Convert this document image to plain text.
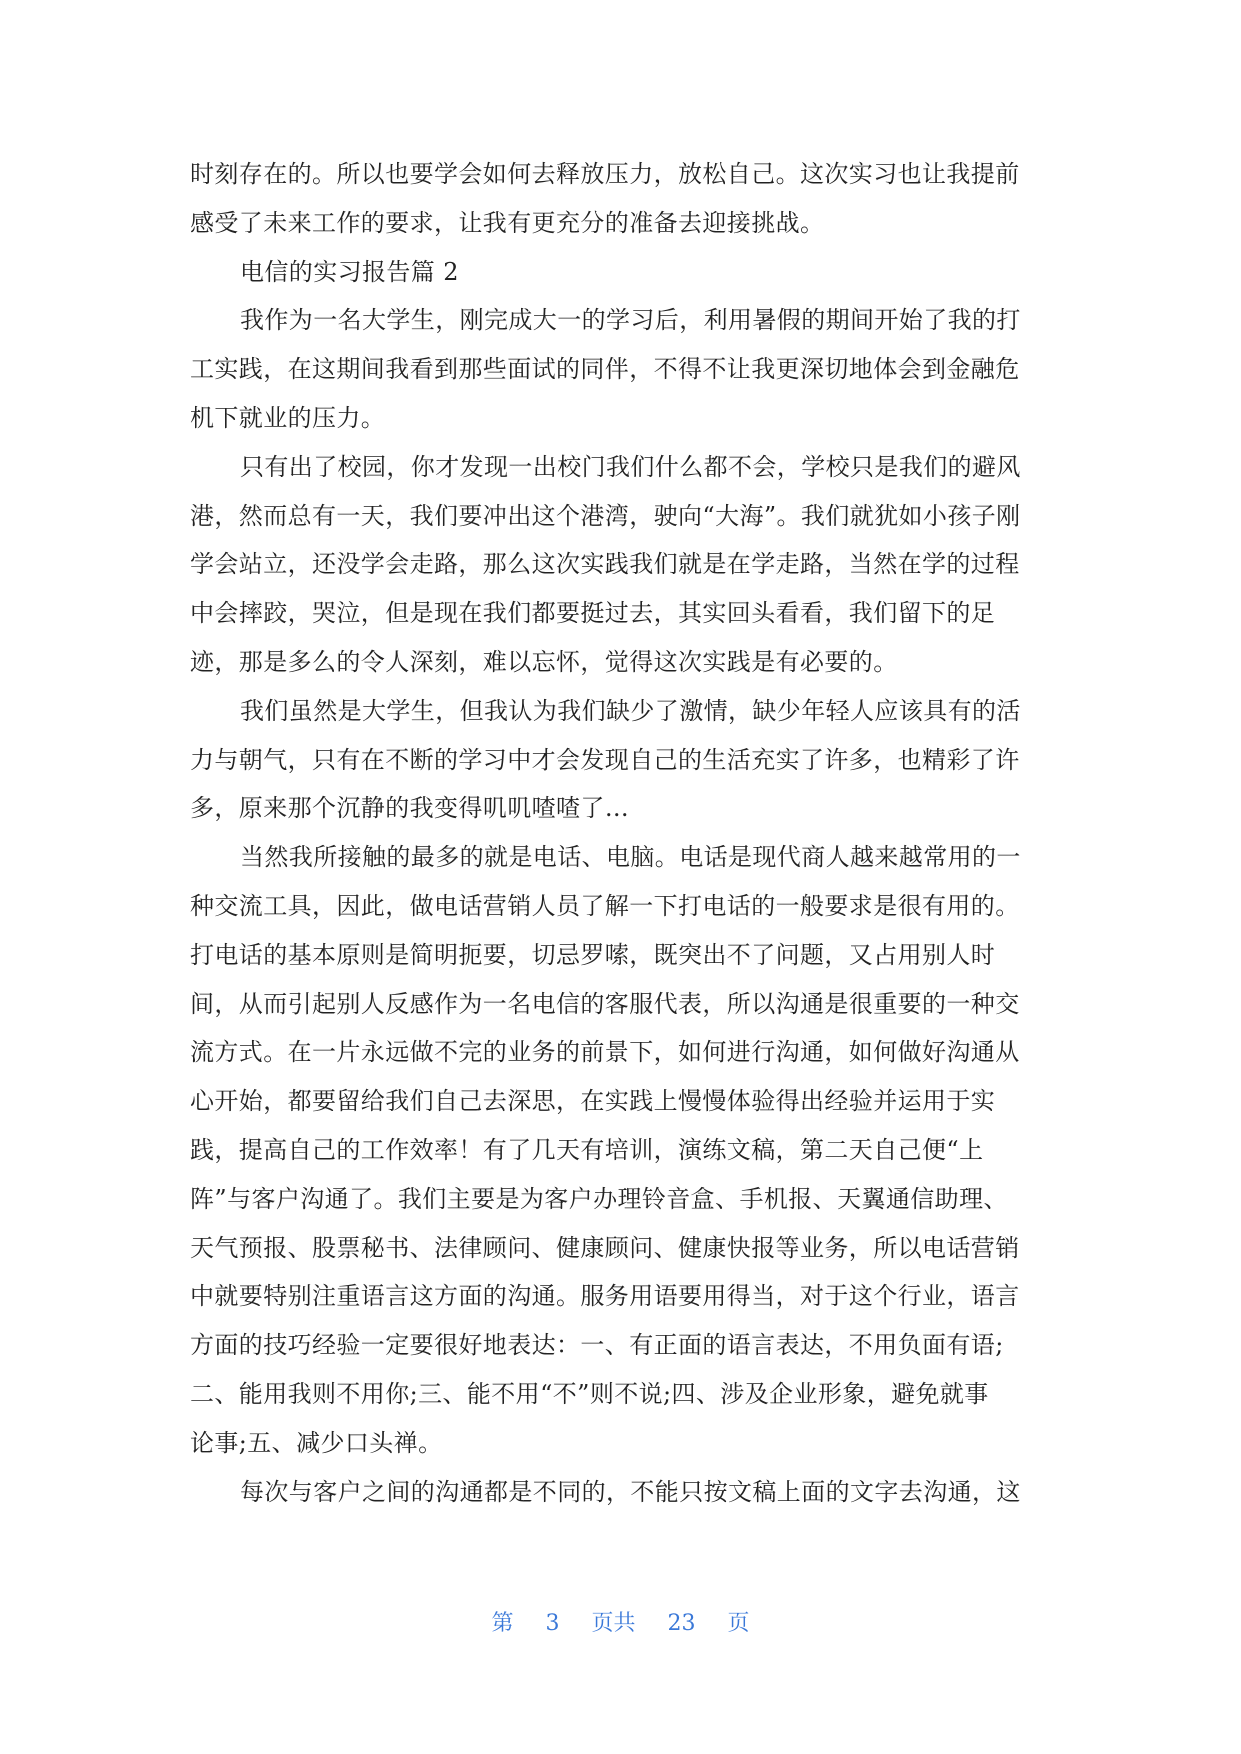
时刻存在的。所以也要学会如何去释放压力，放松自己。这次实习也让我提前
感受了未来工作的要求，让我有更充分的准备去迎接挑战。
电信的实习报告篇 2
我作为一名大学生，刚完成大一的学习后，利用暑假的期间开始了我的打
工实践，在这期间我看到那些面试的同伴，不得不让我更深切地体会到金融危
机下就业的压力。
只有出了校园，你才发现一出校门我们什么都不会，学校只是我们的避风
港，然而总有一天，我们要冲出这个港湾，驶向“大海”。我们就犹如小孩子刚
学会站立，还没学会走路，那么这次实践我们就是在学走路，当然在学的过程
中会摔跤，哭泣，但是现在我们都要挺过去，其实回头看看，我们留下的足
迹，那是多么的令人深刻，难以忘怀，觉得这次实践是有必要的。
我们虽然是大学生，但我认为我们缺少了激情，缺少年轻人应该具有的活
力与朝气，只有在不断的学习中才会发现自己的生活充实了许多，也精彩了许
多，原来那个沉静的我变得叽叽喳喳了…
当然我所接触的最多的就是电话、电脑。电话是现代商人越来越常用的一
种交流工具，因此，做电话营销人员了解一下打电话的一般要求是很有用的。
打电话的基本原则是简明扼要，切忌罗嗦，既突出不了问题，又占用别人时
间，从而引起别人反感作为一名电信的客服代表，所以沟通是很重要的一种交
流方式。在一片永远做不完的业务的前景下，如何进行沟通，如何做好沟通从
心开始，都要留给我们自己去深思，在实践上慢慢体验得出经验并运用于实
践，提高自己的工作效率！有了几天有培训，演练文稿，第二天自己便“上
阵”与客户沟通了。我们主要是为客户办理铃音盒、手机报、天翼通信助理、
天气预报、股票秘书、法律顾问、健康顾问、健康快报等业务，所以电话营销
中就要特别注重语言这方面的沟通。服务用语要用得当，对于这个行业，语言
方面的技巧经验一定要很好地表达：一、有正面的语言表达，不用负面有语;
二、能用我则不用你;三、能不用“不”则不说;四、涉及企业形象，避免就事
论事;五、减少口头禅。
每次与客户之间的沟通都是不同的，不能只按文稿上面的文字去沟通，这
第 3 页共 23 页
